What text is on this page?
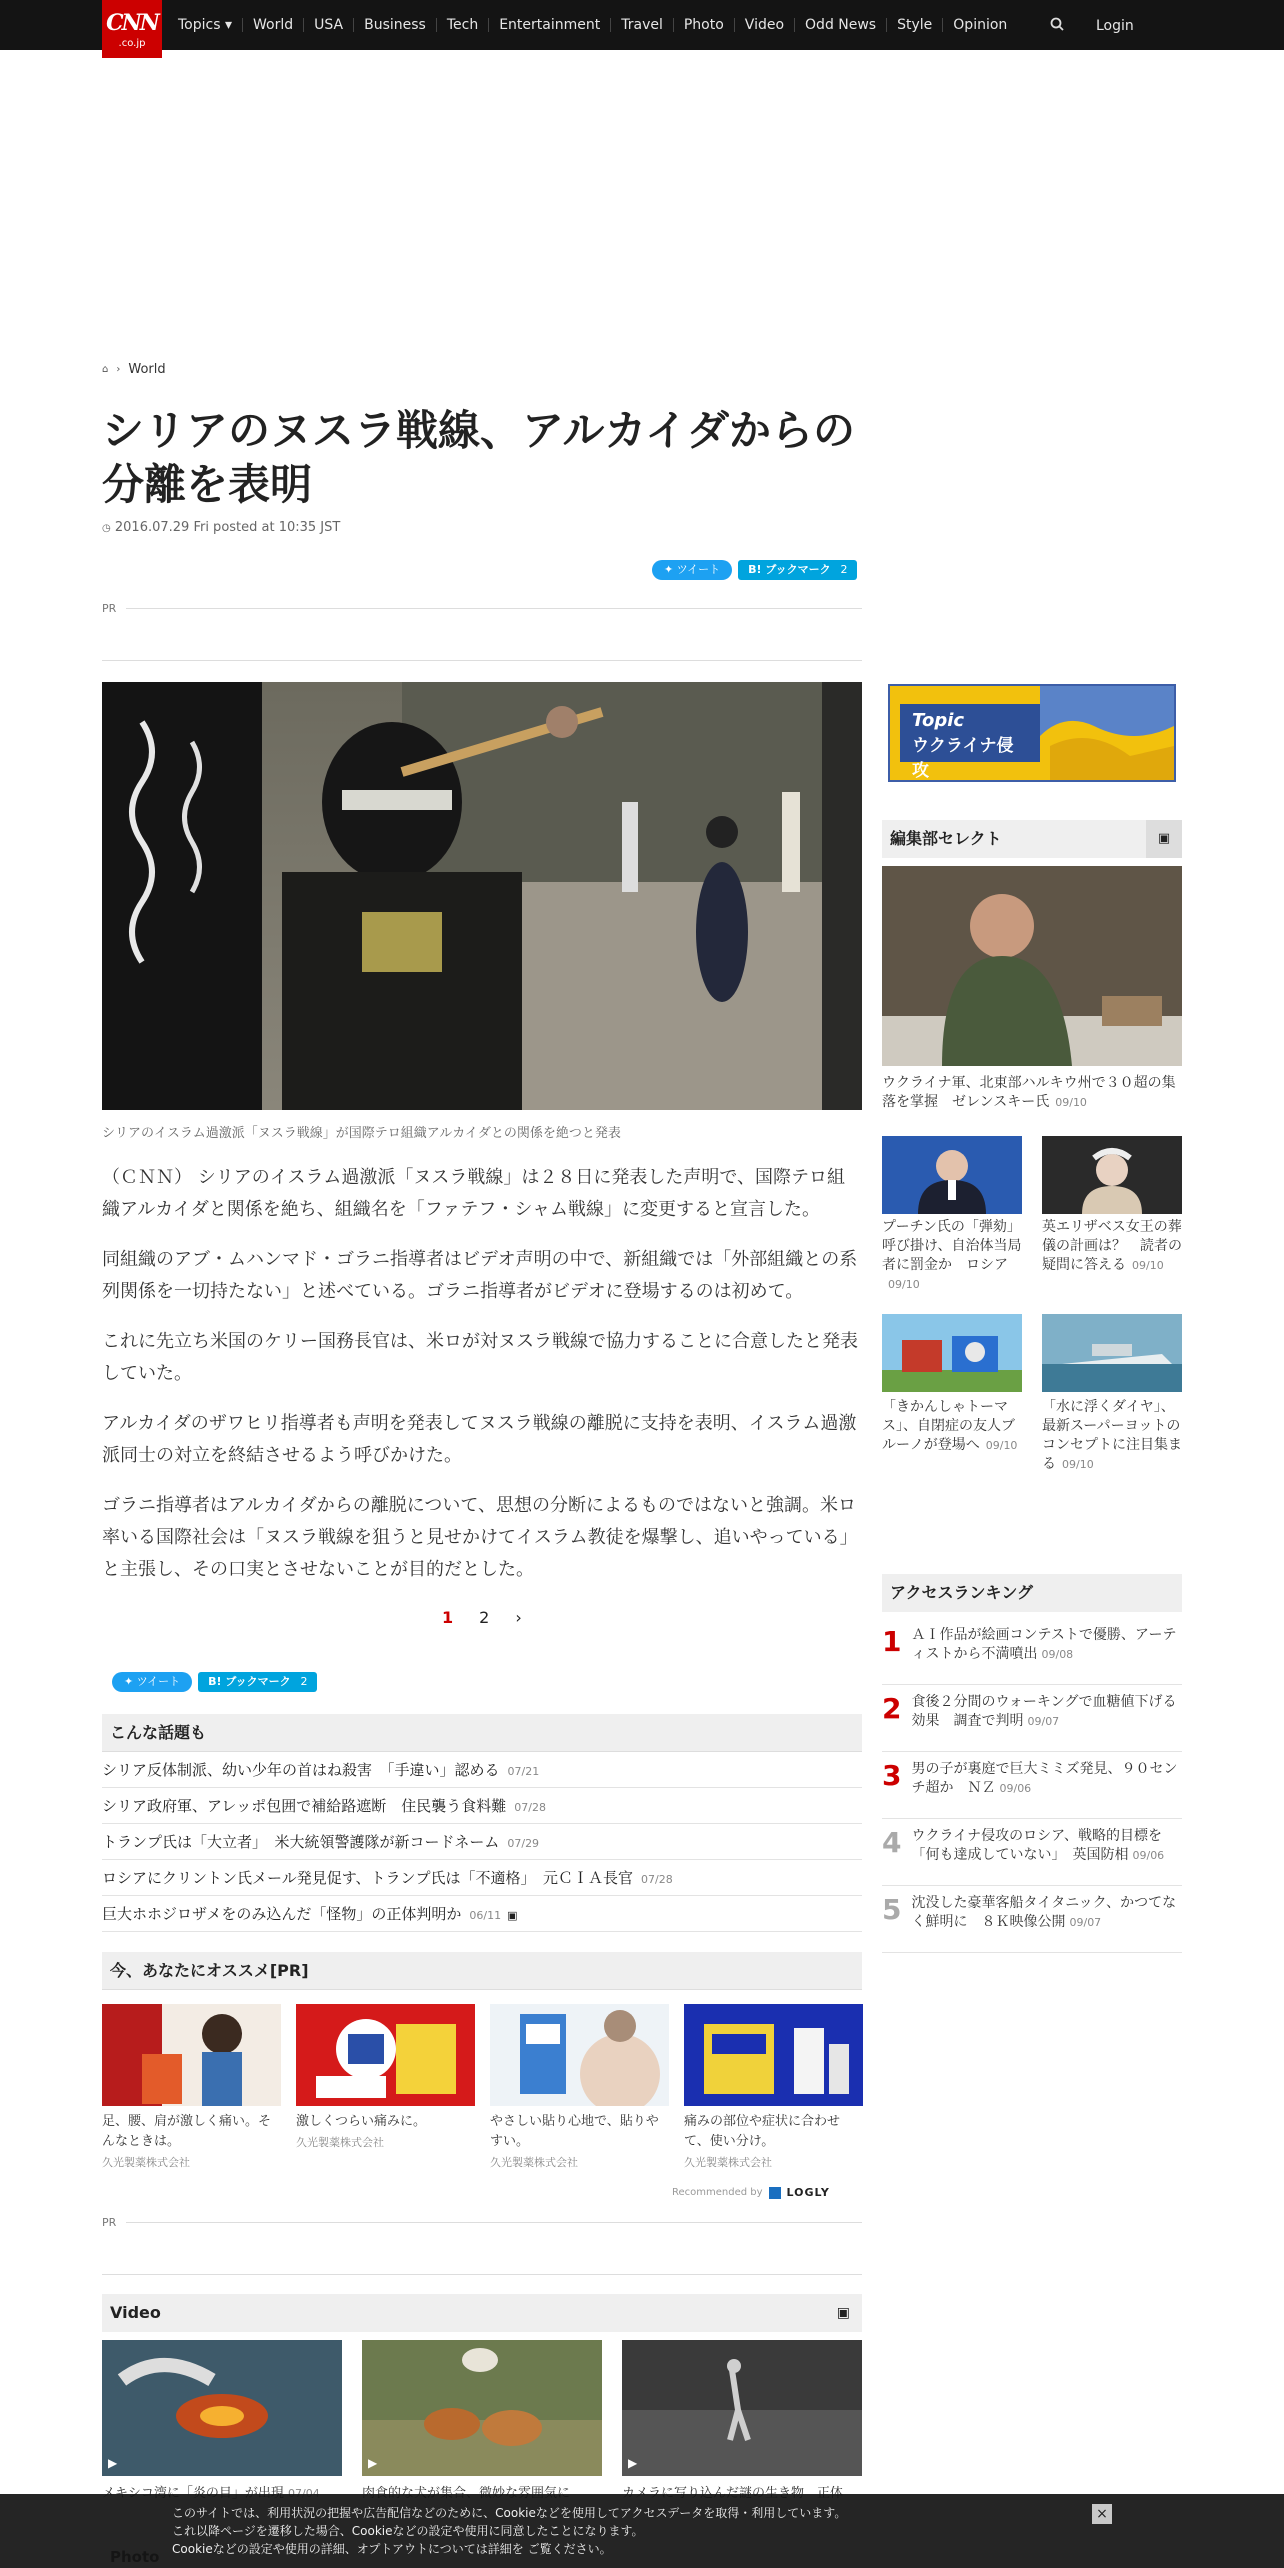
CNN
.co.jp
Topics ▾	World	USA	Business	Tech	Entertainment	Travel	Photo	Video	Odd News	Style	Opinion	Login
⌂ › World
シリアのヌスラ戦線、アルカイダからの分離を表明
◷ 2016.07.29 Fri posted at 10:35 JST
✦ ツイート	B! ブックマーク 2
PR
シリアのイスラム過激派「ヌスラ戦線」が国際テロ組織アルカイダとの関係を絶つと発表

（ＣＮＮ） シリアのイスラム過激派「ヌスラ戦線」は２８日に発表した声明で、国際テロ組織アルカイダと関係を絶ち、組織名を「ファテフ・シャム戦線」に変更すると宣言した。

同組織のアブ・ムハンマド・ゴラニ指導者はビデオ声明の中で、新組織では「外部組織との系列関係を一切持たない」と述べている。ゴラニ指導者がビデオに登場するのは初めて。

これに先立ち米国のケリー国務長官は、米ロが対ヌスラ戦線で協力することに合意したと発表していた。

アルカイダのザワヒリ指導者も声明を発表してヌスラ戦線の離脱に支持を表明、イスラム過激派同士の対立を終結させるよう呼びかけた。

ゴラニ指導者はアルカイダからの離脱について、思想の分断によるものではないと強調。米ロ率いる国際社会は「ヌスラ戦線を狙うと見せかけてイスラム教徒を爆撃し、追いやっている」と主張し、その口実とさせないことが目的だとした。

1 2 ›
✦ ツイート	B! ブックマーク 2
こんな話題も
シリア反体制派、幼い少年の首はね殺害　「手違い」認める 07/21
シリア政府軍、アレッポ包囲で補給路遮断　住民襲う食料難 07/28
トランプ氏は「大立者」　米大統領警護隊が新コードネーム 07/29
ロシアにクリントン氏メール発見促す、トランプ氏は「不適格」　元ＣＩＡ長官 07/28
巨大ホホジロザメをのみ込んだ「怪物」の正体判明か 06/11 ▣
今、あなたにオススメ[PR]
足、腰、肩が激しく痛い。そんなときは。
久光製薬株式会社
激しくつらい痛みに。
久光製薬株式会社
やさしい貼り心地で、貼りやすい。
久光製薬株式会社
痛みの部位や症状に合わせて、使い分け。
久光製薬株式会社
Recommended by LOGLY
PR
Video	▣
▶	▶	▶
Topic
ウクライナ侵攻
編集部セレクト	▣
ウクライナ軍、北東部ハルキウ州で３０超の集落を掌握　ゼレンスキー氏 09/10
プーチン氏の「弾劾」呼び掛け、自治体当局者に罰金か　ロシア09/10
英エリザベス女王の葬儀の計画は？　読者の疑問に答える 09/10
「きかんしゃトーマス」、自閉症の友人ブルーノが登場へ 09/10
「水に浮くダイヤ」、最新スーパーヨットのコンセプトに注目集まる 09/10
アクセスランキング
1 ＡＩ作品が絵画コンテストで優勝、アーティストから不満噴出 09/08
2 食後２分間のウォーキングで血糖値下げる効果　調査で判明 09/07
3 男の子が裏庭で巨大ミミズ発見、９０センチ超か　ＮＺ 09/06
4 ウクライナ侵攻のロシア、戦略的目標を「何も達成していない」　英国防相 09/06
5 沈没した豪華客船タイタニック、かつてなく鮮明に　８Ｋ映像公開 09/07
このサイトでは、利用状況の把握や広告配信などのために、Cookieなどを使用してアクセスデータを取得・利用しています。
これ以降ページを遷移した場合、Cookieなどの設定や使用に同意したことになります。
Cookieなどの設定や使用の詳細、オプトアウトについては詳細を ご覧ください。
×
